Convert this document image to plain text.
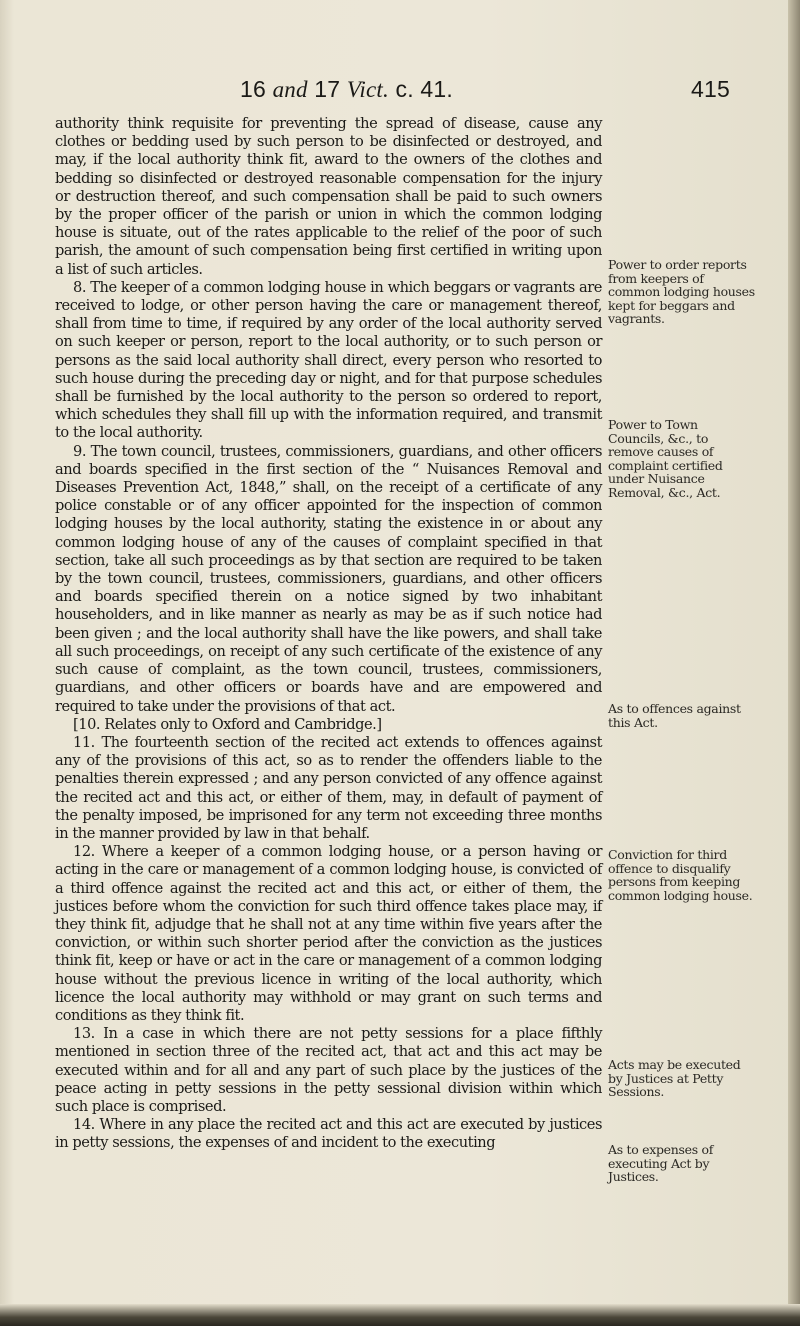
16 and 17 Vict. c. 41.	415

authority think requisite for preventing the spread of disease, cause any clothes or bedding used by such person to be disinfected or destroyed, and may, if the local authority think fit, award to the owners of the clothes and bedding so disinfected or destroyed reasonable compensation for the injury or destruction thereof, and such compensation shall be paid to such owners by the proper officer of the parish or union in which the common lodging house is situate, out of the rates applicable to the relief of the poor of such parish, the amount of such compensation being first certified in writing upon a list of such articles.

8. The keeper of a common lodging house in which beggars or vagrants are received to lodge, or other person having the care or management thereof, shall from time to time, if required by any order of the local authority served on such keeper or person, report to the local authority, or to such person or persons as the said local authority shall direct, every person who resorted to such house during the preceding day or night, and for that purpose schedules shall be furnished by the local authority to the person so ordered to report, which schedules they shall fill up with the information required, and transmit to the local authority.

9. The town council, trustees, commissioners, guardians, and other officers and boards specified in the first section of the “ Nuisances Removal and Diseases Prevention Act, 1848,” shall, on the receipt of a certificate of any police constable or of any officer appointed for the inspection of common lodging houses by the local authority, stating the existence in or about any common lodging house of any of the causes of complaint specified in that section, take all such proceedings as by that section are required to be taken by the town council, trustees, commissioners, guardians, and other officers and boards specified therein on a notice signed by two inhabitant householders, and in like manner as nearly as may be as if such notice had been given ; and the local authority shall have the like powers, and shall take all such proceedings, on receipt of any such certificate of the existence of any such cause of complaint, as the town council, trustees, commissioners, guardians, and other officers or boards have and are empowered and required to take under the provisions of that act.

[10. Relates only to Oxford and Cambridge.]

11. The fourteenth section of the recited act extends to offences against any of the provisions of this act, so as to render the offenders liable to the penalties therein expressed ; and any person convicted of any offence against the recited act and this act, or either of them, may, in default of payment of the penalty imposed, be imprisoned for any term not exceeding three months in the manner provided by law in that behalf.

12. Where a keeper of a common lodging house, or a person having or acting in the care or management of a common lodging house, is convicted of a third offence against the recited act and this act, or either of them, the justices before whom the conviction for such third offence takes place may, if they think fit, adjudge that he shall not at any time within five years after the conviction, or within such shorter period after the conviction as the justices think fit, keep or have or act in the care or management of a common lodging house without the previous licence in writing of the local authority, which licence the local authority may withhold or may grant on such terms and conditions as they think fit.

13. In a case in which there are not petty sessions for a place fifthly mentioned in section three of the recited act, that act and this act may be executed within and for all and any part of such place by the justices of the peace acting in petty sessions in the petty sessional division within which such place is comprised.

14. Where in any place the recited act and this act are executed by justices in petty sessions, the expenses of and incident to the executing

Power to order reports from keepers of common lodging houses kept for beggars and vagrants.
Power to Town Councils, &c., to remove causes of complaint certified under Nuisance Removal, &c., Act.
As to offences against this Act.
Conviction for third offence to disqualify persons from keeping common lodging house.
Acts may be executed by Justices at Petty Sessions.
As to expenses of executing Act by Justices.
